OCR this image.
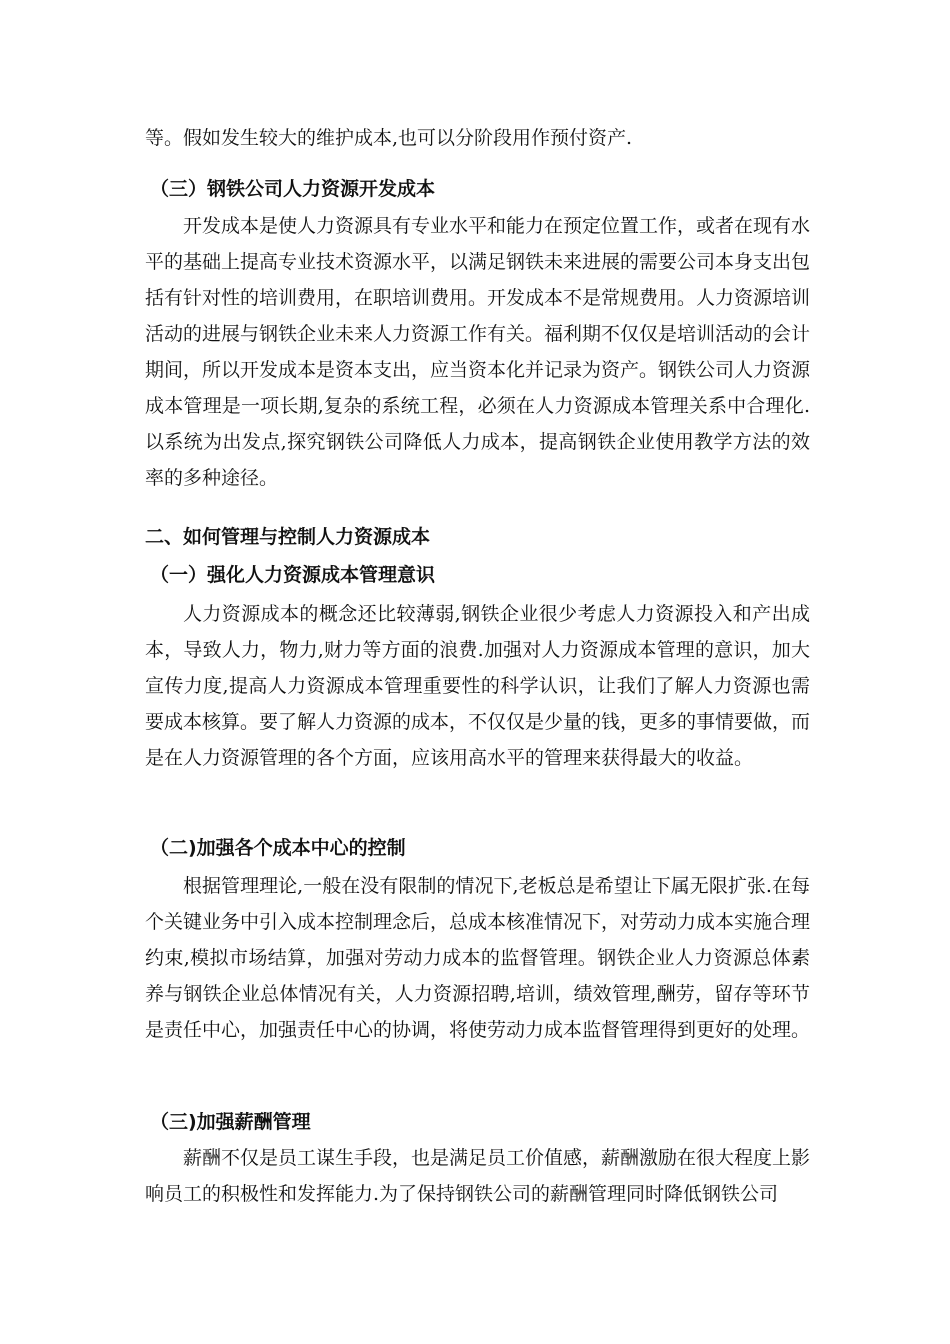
等。假如发生较大的维护成本,也可以分阶段用作预付资产.

（三）钢铁公司人力资源开发成本

开发成本是使人力资源具有专业水平和能力在预定位置工作，或者在现有水平的基础上提高专业技术资源水平，以满足钢铁未来进展的需要公司本身支出包括有针对性的培训费用，在职培训费用。开发成本不是常规费用。人力资源培训活动的进展与钢铁企业未来人力资源工作有关。福利期不仅仅是培训活动的会计期间，所以开发成本是资本支出，应当资本化并记录为资产。钢铁公司人力资源成本管理是一项长期,复杂的系统工程，必须在人力资源成本管理关系中合理化.以系统为出发点,探究钢铁公司降低人力成本，提高钢铁企业使用教学方法的效率的多种途径。

二、如何管理与控制人力资源成本
（一）强化人力资源成本管理意识

人力资源成本的概念还比较薄弱,钢铁企业很少考虑人力资源投入和产出成本，导致人力，物力,财力等方面的浪费.加强对人力资源成本管理的意识，加大宣传力度,提高人力资源成本管理重要性的科学认识，让我们了解人力资源也需要成本核算。要了解人力资源的成本，不仅仅是少量的钱，更多的事情要做，而是在人力资源管理的各个方面，应该用高水平的管理来获得最大的收益。

（二)加强各个成本中心的控制

根据管理理论,一般在没有限制的情况下,老板总是希望让下属无限扩张.在每个关键业务中引入成本控制理念后，总成本核准情况下，对劳动力成本实施合理约束,模拟市场结算，加强对劳动力成本的监督管理。钢铁企业人力资源总体素养与钢铁企业总体情况有关，人力资源招聘,培训，绩效管理,酬劳，留存等环节是责任中心，加强责任中心的协调，将使劳动力成本监督管理得到更好的处理。

（三)加强薪酬管理

薪酬不仅是员工谋生手段，也是满足员工价值感，薪酬激励在很大程度上影响员工的积极性和发挥能力.为了保持钢铁公司的薪酬管理同时降低钢铁公司
